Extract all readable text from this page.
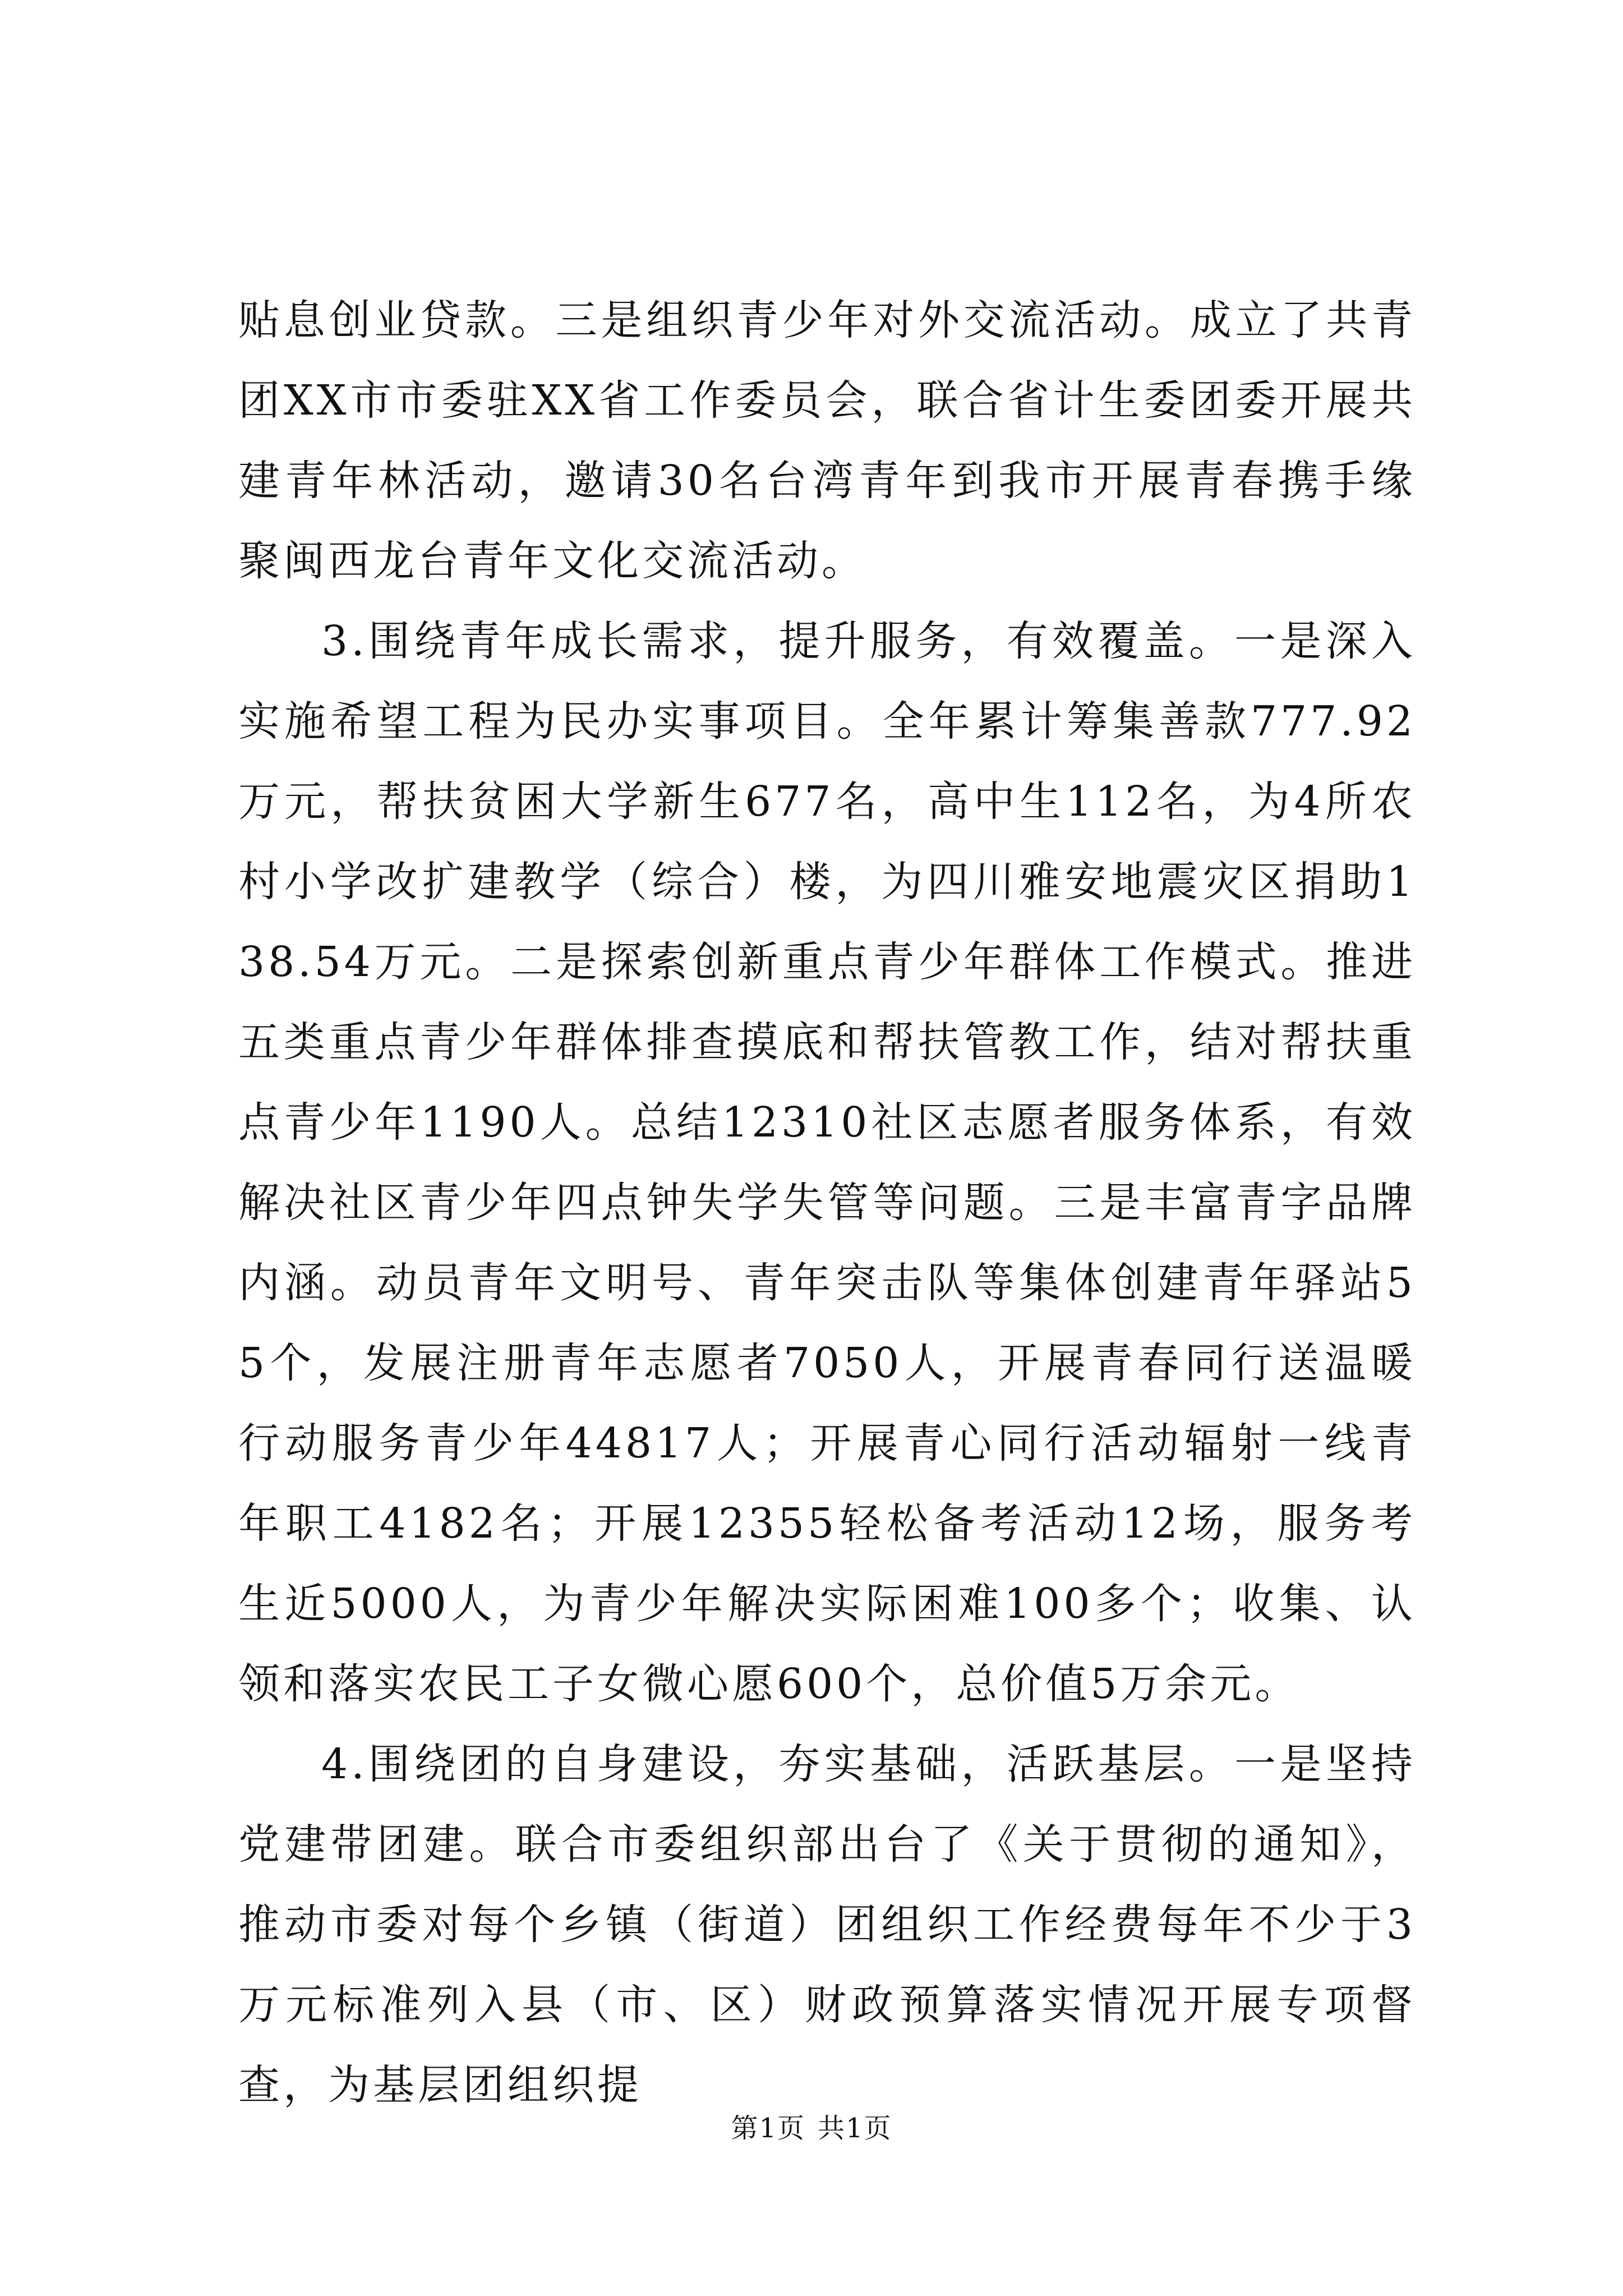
贴息创业贷款。三是组织青少年对外交流活动。成立了共青团XX市市委驻XX省工作委员会，联合省计生委团委开展共建青年林活动，邀请30名台湾青年到我市开展青春携手缘聚闽西龙台青年文化交流活动。

3.围绕青年成长需求，提升服务，有效覆盖。一是深入实施希望工程为民办实事项目。全年累计筹集善款777.92万元，帮扶贫困大学新生677名，高中生112名，为4所农村小学改扩建教学（综合）楼，为四川雅安地震灾区捐助138.54万元。二是探索创新重点青少年群体工作模式。推进五类重点青少年群体排查摸底和帮扶管教工作，结对帮扶重点青少年1190人。总结12310社区志愿者服务体系，有效解决社区青少年四点钟失学失管等问题。三是丰富青字品牌内涵。动员青年文明号、青年突击队等集体创建青年驿站55个，发展注册青年志愿者7050人，开展青春同行送温暖行动服务青少年44817人；开展青心同行活动辐射一线青年职工4182名；开展12355轻松备考活动12场，服务考生近5000人，为青少年解决实际困难100多个；收集、认领和落实农民工子女微心愿600个，总价值5万余元。

4.围绕团的自身建设，夯实基础，活跃基层。一是坚持党建带团建。联合市委组织部出台了《关于贯彻的通知》，推动市委对每个乡镇（街道）团组织工作经费每年不少于3万元标准列入县（市、区）财政预算落实情况开展专项督查，为基层团组织提

第1页 共1页
